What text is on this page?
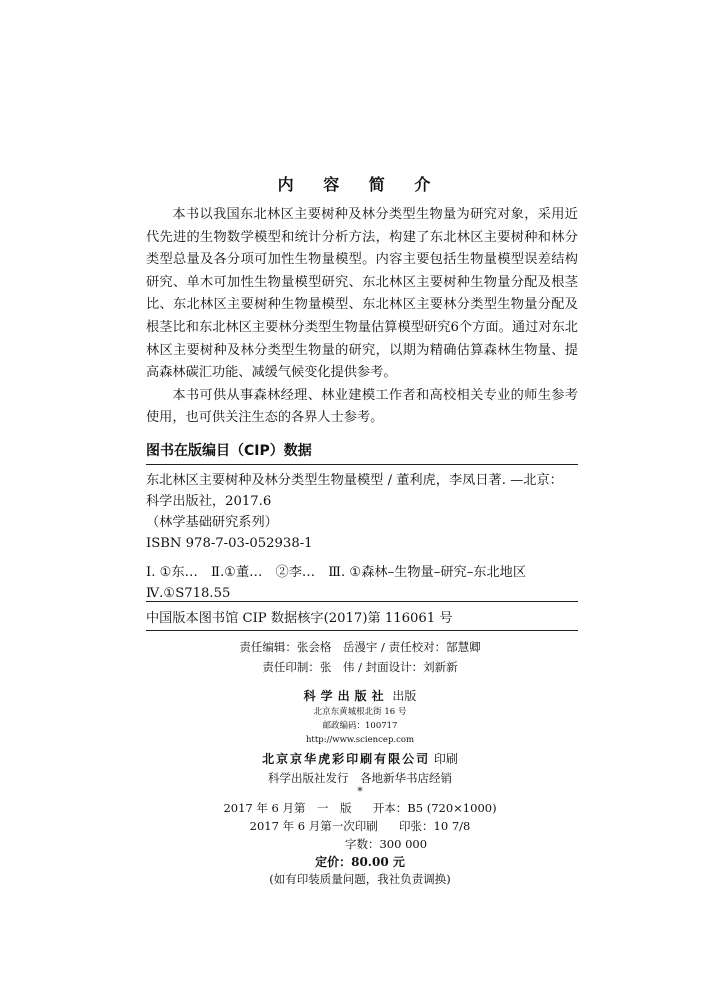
内 容 简 介

本书以我国东北林区主要树种及林分类型生物量为研究对象，采用近代先进的生物数学模型和统计分析方法，构建了东北林区主要树种和林分类型总量及各分项可加性生物量模型。内容主要包括生物量模型误差结构研究、单木可加性生物量模型研究、东北林区主要树种生物量分配及根茎比、东北林区主要树种生物量模型、东北林区主要林分类型生物量分配及根茎比和东北林区主要林分类型生物量估算模型研究6个方面。通过对东北林区主要树种及林分类型生物量的研究，以期为精确估算森林生物量、提高森林碳汇功能、减缓气候变化提供参考。

本书可供从事森林经理、林业建模工作者和高校相关专业的师生参考使用，也可供关注生态的各界人士参考。

图书在版编目（CIP）数据
东北林区主要树种及林分类型生物量模型 / 董利虎，李凤日著. —北京：
科学出版社，2017.6
（林学基础研究系列）
ISBN 978-7-03-052938-1
Ⅰ. ①东…　Ⅱ.①董…　②李…　Ⅲ. ①森林–生物量–研究–东北地区
Ⅳ.①S718.55
中国版本图书馆 CIP 数据核字(2017)第 116061 号
责任编辑：张会格　岳漫宇 / 责任校对：郜慧卿
责任印制：张　伟 / 封面设计：刘新新
科学出版社 出版
北京东黄城根北街 16 号
邮政编码：100717
http://www.sciencep.com
北京京华虎彩印刷有限公司 印刷
科学出版社发行　各地新华书店经销
*
2017 年 6 月第　一　版 开本：B5 (720×1000)
2017 年 6 月第一次印刷 印张：10 7/8
字数：300 000
定价：80.00 元
(如有印装质量问题，我社负责调换)
